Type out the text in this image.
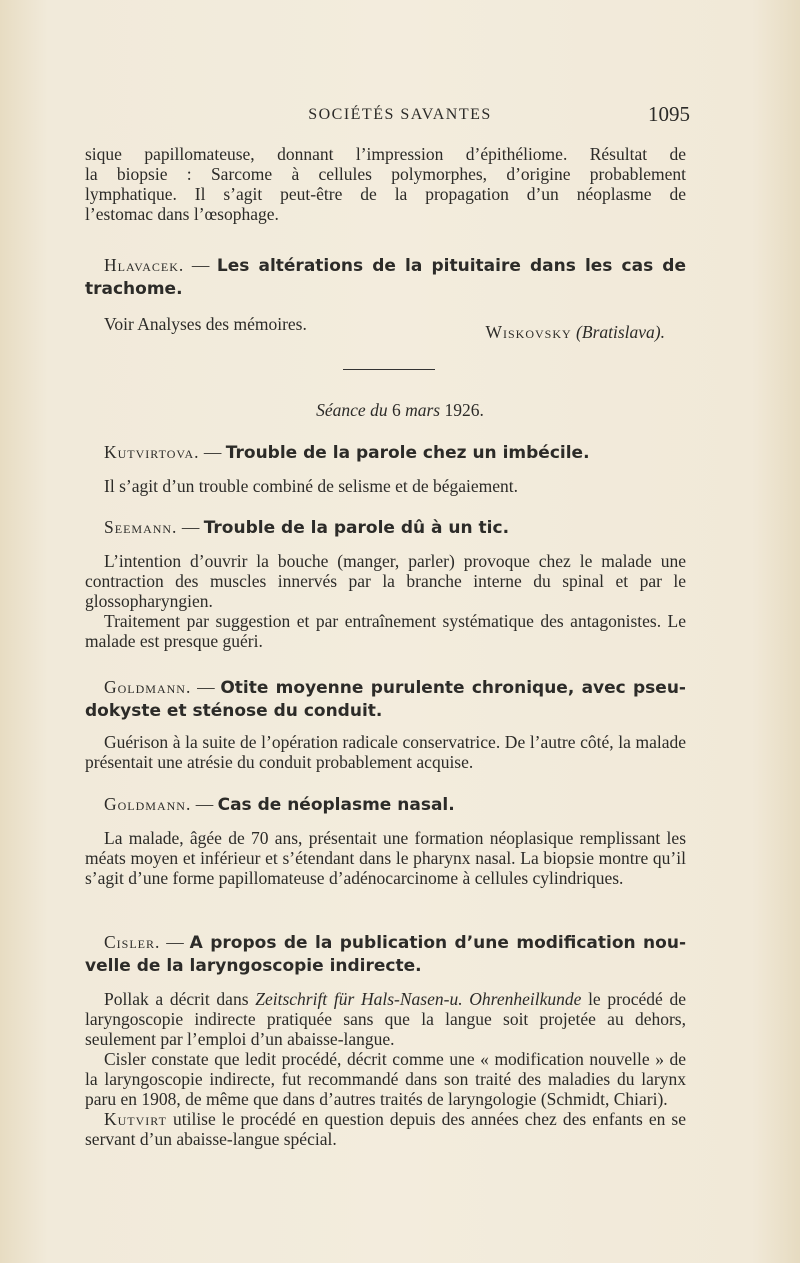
SOCIÉTÉS SAVANTES	1095
sique papillomateuse, donnant l’impression d’épithéliome. Résultat de
la biopsie : Sarcome à cellules polymorphes, d’origine probablement
lymphatique. Il s’agit peut-être de la propagation d’un néoplasme de
l’estomac dans l’œsophage.
Hlavacek. — Les altérations de la pituitaire dans les cas de
trachome.

Voir Analyses des mémoires.	Wiskovsky (Bratislava).
Séance du 6 mars 1926.
Kutvirtova. — Trouble de la parole chez un imbécile.

Il s’agit d’un trouble combiné de selisme et de bégaiement.

Seemann. — Trouble de la parole dû à un tic.

L’intention d’ouvrir la bouche (manger, parler) provoque chez le malade une contraction des muscles innervés par la branche interne du spinal et par le glossopharyngien.

Traitement par suggestion et par entraînement systématique des antagonistes. Le malade est presque guéri.

Goldmann. — Otite moyenne purulente chronique, avec pseu-
dokyste et sténose du conduit.

Guérison à la suite de l’opération radicale conservatrice. De l’autre côté, la malade présentait une atrésie du conduit probablement acquise.

Goldmann. — Cas de néoplasme nasal.

La malade, âgée de 70 ans, présentait une formation néoplasique remplissant les méats moyen et inférieur et s’étendant dans le pharynx nasal. La biopsie montre qu’il s’agit d’une forme papillomateuse d’adénocarcinome à cellules cylindriques.

Cisler. — A propos de la publication d’une modification nou-
velle de la laryngoscopie indirecte.

Pollak a décrit dans Zeitschrift für Hals-Nasen-u. Ohrenheilkunde le procédé de laryngoscopie indirecte pratiquée sans que la langue soit projetée au dehors, seulement par l’emploi d’un abaisse-langue.

Cisler constate que ledit procédé, décrit comme une « modification nouvelle » de la laryngoscopie indirecte, fut recommandé dans son traité des maladies du larynx paru en 1908, de même que dans d’autres traités de laryngologie (Schmidt, Chiari).

Kutvirt utilise le procédé en question depuis des années chez des enfants en se servant d’un abaisse-langue spécial.
